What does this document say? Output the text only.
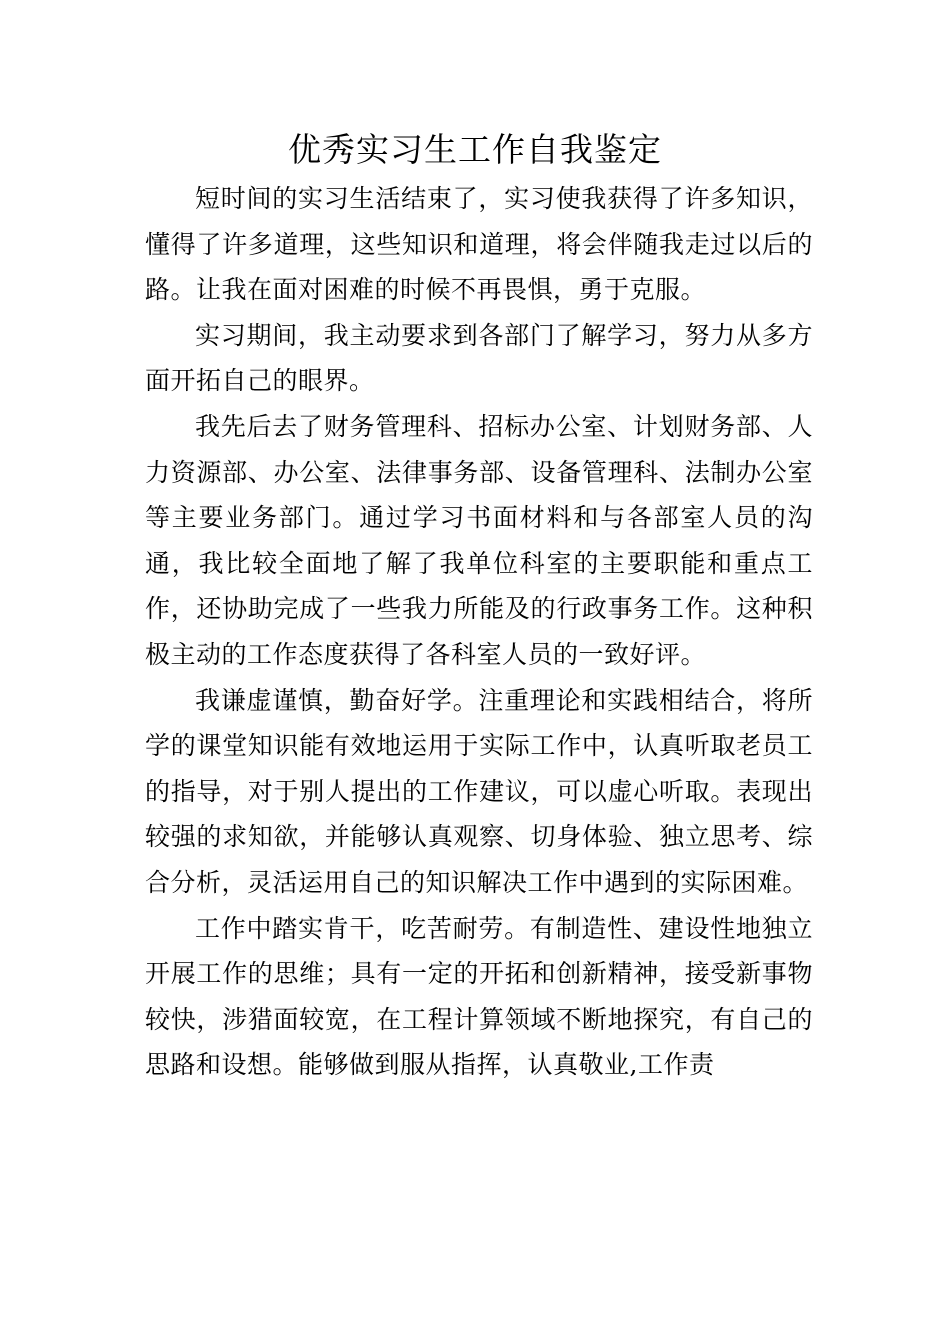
优秀实习生工作自我鉴定

短时间的实习生活结束了，实习使我获得了许多知识，懂得了许多道理，这些知识和道理，将会伴随我走过以后的路。让我在面对困难的时候不再畏惧，勇于克服。

实习期间，我主动要求到各部门了解学习，努力从多方面开拓自己的眼界。

我先后去了财务管理科、招标办公室、计划财务部、人力资源部、办公室、法律事务部、设备管理科、法制办公室等主要业务部门。通过学习书面材料和与各部室人员的沟通，我比较全面地了解了我单位科室的主要职能和重点工作，还协助完成了一些我力所能及的行政事务工作。这种积极主动的工作态度获得了各科室人员的一致好评。

我谦虚谨慎，勤奋好学。注重理论和实践相结合，将所学的课堂知识能有效地运用于实际工作中，认真听取老员工的指导，对于别人提出的工作建议，可以虚心听取。表现出较强的求知欲，并能够认真观察、切身体验、独立思考、综合分析，灵活运用自己的知识解决工作中遇到的实际困难。

工作中踏实肯干，吃苦耐劳。有制造性、建设性地独立开展工作的思维；具有一定的开拓和创新精神，接受新事物较快，涉猎面较宽，在工程计算领域不断地探究，有自己的思路和设想。能够做到服从指挥，认真敬业,工作责
